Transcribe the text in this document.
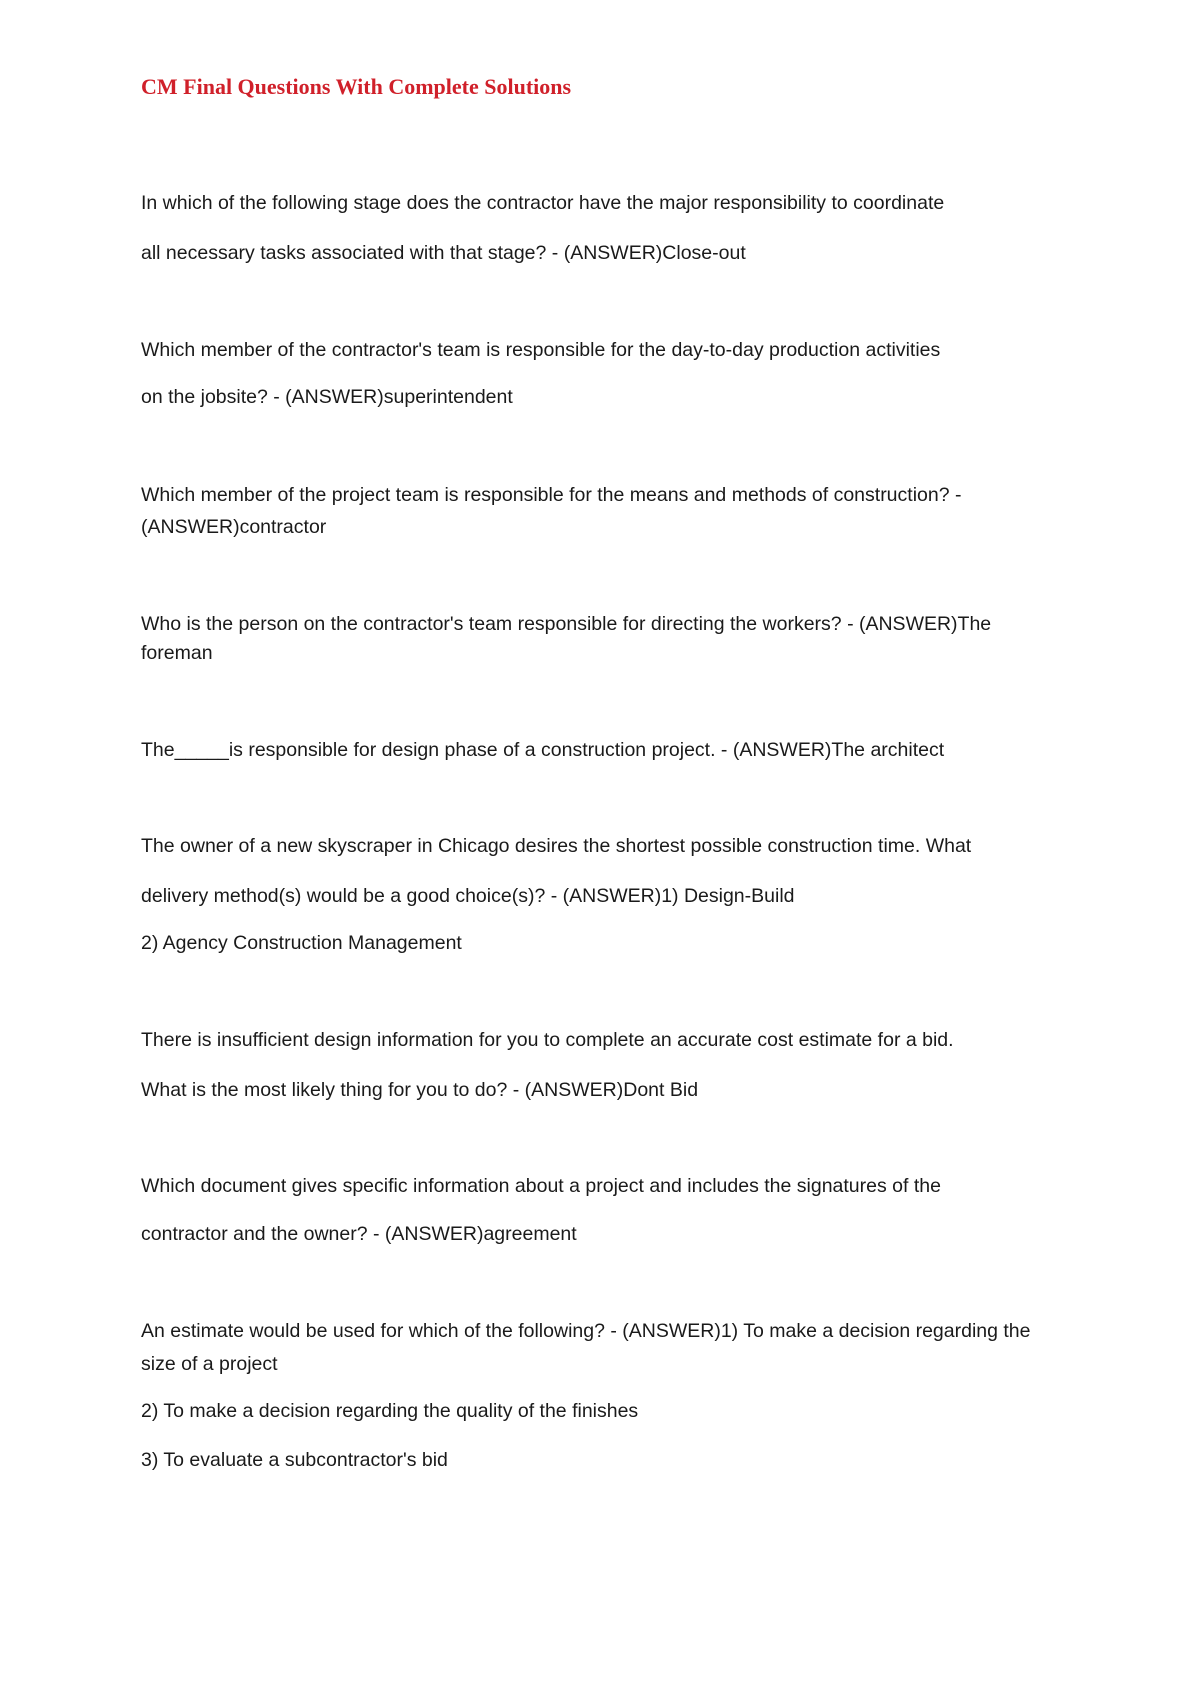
CM Final Questions With Complete Solutions

In which of the following stage does the contractor have the major responsibility to coordinate

all necessary tasks associated with that stage? - (ANSWER)Close-out

Which member of the contractor's team is responsible for the day-to-day production activities

on the jobsite? - (ANSWER)superintendent

Which member of the project team is responsible for the means and methods of construction? -

(ANSWER)contractor

Who is the person on the contractor's team responsible for directing the workers? - (ANSWER)The

foreman

The_____is responsible for design phase of a construction project. - (ANSWER)The architect

The owner of a new skyscraper in Chicago desires the shortest possible construction time. What

delivery method(s) would be a good choice(s)? - (ANSWER)1) Design-Build

2) Agency Construction Management

There is insufficient design information for you to complete an accurate cost estimate for a bid.

What is the most likely thing for you to do? - (ANSWER)Dont Bid

Which document gives specific information about a project and includes the signatures of the

contractor and the owner? - (ANSWER)agreement

An estimate would be used for which of the following? - (ANSWER)1) To make a decision regarding the

size of a project

2) To make a decision regarding the quality of the finishes

3) To evaluate a subcontractor's bid
